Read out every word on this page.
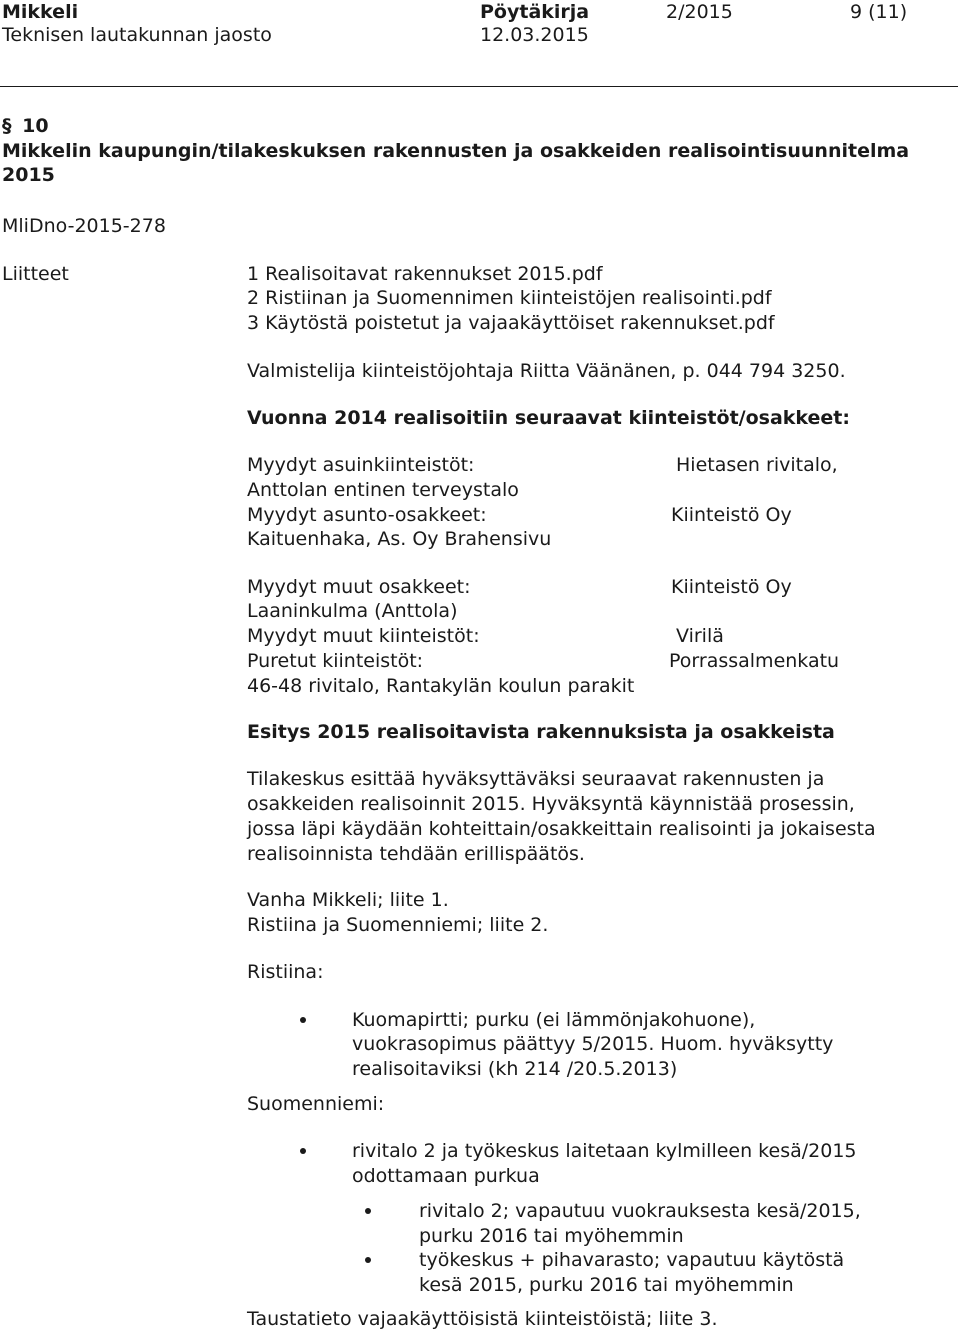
Mikkeli
Teknisen lautakunnan jaosto
Pöytäkirja
12.03.2015
2/2015	9 (11)
§ 10
Mikkelin kaupungin/tilakeskuksen rakennusten ja osakkeiden realisointisuunnitelma
2015
MliDno-2015-278
Liitteet	1 Realisoitavat rakennukset 2015.pdf
2 Ristiinan ja Suomennimen kiinteistöjen realisointi.pdf
3 Käytöstä poistetut ja vajaakäyttöiset rakennukset.pdf
Valmistelija kiinteistöjohtaja Riitta Väänänen, p. 044 794 3250.
Vuonna 2014 realisoitiin seuraavat kiinteistöt/osakkeet:
Myydyt asuinkiinteistöt:
Anttolan entinen terveystalo
Myydyt asunto-osakkeet:
Kaituenhaka, As. Oy Brahensivu
Myydyt muut osakkeet:
Laaninkulma (Anttola)
Myydyt muut kiinteistöt:
Puretut kiinteistöt:
46-48 rivitalo, Rantakylän koulun parakit
Hietasen rivitalo,
Kiinteistö Oy
Kiinteistö Oy
Virilä
Porrassalmenkatu
Esitys 2015 realisoitavista rakennuksista ja osakkeista
Tilakeskus esittää hyväksyttäväksi seuraavat rakennusten ja
osakkeiden realisoinnit 2015. Hyväksyntä käynnistää prosessin,
jossa läpi käydään kohteittain/osakkeittain realisointi ja jokaisesta
realisoinnista tehdään erillispäätös.
Vanha Mikkeli; liite 1.
Ristiina ja Suomenniemi; liite 2.
Ristiina:
Kuomapirtti; purku (ei lämmönjakohuone),
vuokrasopimus päättyy 5/2015. Huom. hyväksytty
realisoitaviksi (kh 214 /20.5.2013)
Suomenniemi:
rivitalo 2 ja työkeskus laitetaan kylmilleen kesä/2015
odottamaan purkua
rivitalo 2; vapautuu vuokrauksesta kesä/2015,
purku 2016 tai myöhemmin
työkeskus + pihavarasto; vapautuu käytöstä
kesä 2015, purku 2016 tai myöhemmin
Taustatieto vajaakäyttöisistä kiinteistöistä; liite 3.
